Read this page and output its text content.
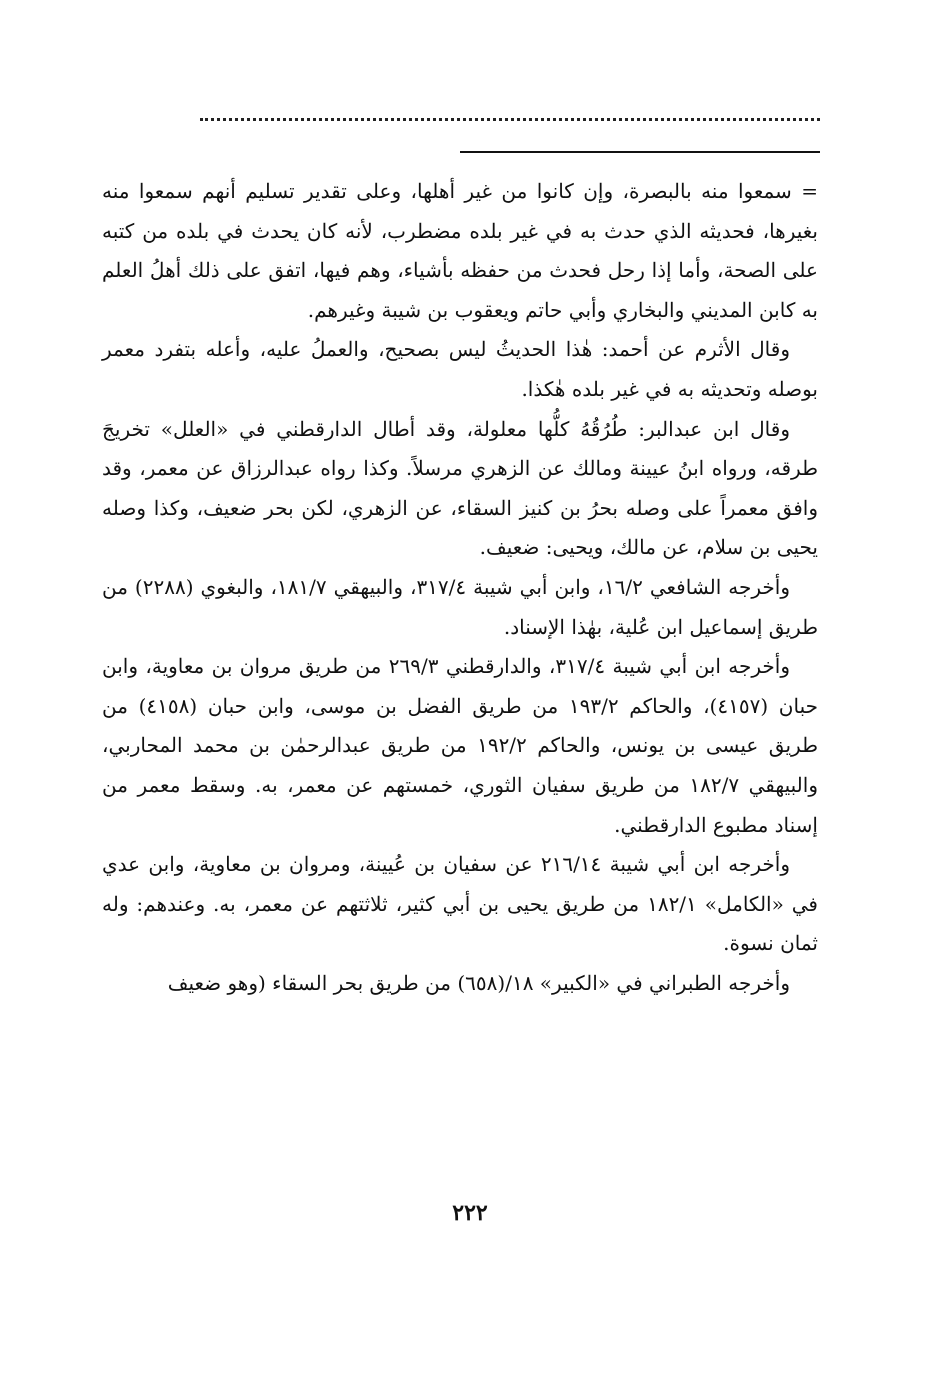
= سمعوا منه بالبصرة، وإن كانوا من غير أهلها، وعلى تقدير تسليم أنهم سمعوا منه بغيرها، فحديثه الذي حدث به في غير بلده مضطرب، لأنه كان يحدث في بلده من كتبه على الصحة، وأما إذا رحل فحدث من حفظه بأشياء، وهم فيها، اتفق على ذلك أهلُ العلم به كابن المديني والبخاري وأبي حاتم ويعقوب بن شيبة وغيرهم.

وقال الأثرم عن أحمد: هٰذا الحديثُ ليس بصحيح، والعملُ عليه، وأعله بتفرد معمر بوصله وتحديثه به في غير بلده هٰكذا.

وقال ابن عبدالبر: طُرُقُهُ كلُّها معلولة، وقد أطال الدارقطني في «العلل» تخريجَ طرقه، ورواه ابنُ عيينة ومالك عن الزهري مرسلاً. وكذا رواه عبدالرزاق عن معمر، وقد وافق معمراً على وصله بحرُ بن كنيز السقاء، عن الزهري، لكن بحر ضعيف، وكذا وصله يحيى بن سلام، عن مالك، ويحيى: ضعيف.

وأخرجه الشافعي ١٦/٢، وابن أبي شيبة ٣١٧/٤، والبيهقي ١٨١/٧، والبغوي (٢٢٨٨) من طريق إسماعيل ابن عُلية، بهٰذا الإسناد.

وأخرجه ابن أبي شيبة ٣١٧/٤، والدارقطني ٢٦٩/٣ من طريق مروان بن معاوية، وابن حبان (٤١٥٧)، والحاكم ١٩٣/٢ من طريق الفضل بن موسى، وابن حبان (٤١٥٨) من طريق عيسى بن يونس، والحاكم ١٩٢/٢ من طريق عبدالرحمٰن بن محمد المحاربي، والبيهقي ١٨٢/٧ من طريق سفيان الثوري، خمستهم عن معمر، به. وسقط معمر من إسناد مطبوع الدارقطني.

وأخرجه ابن أبي شيبة ٢١٦/١٤ عن سفيان بن عُيينة، ومروان بن معاوية، وابن عدي في «الكامل» ١٨٢/١ من طريق يحيى بن أبي كثير، ثلاثتهم عن معمر، به. وعندهم: وله ثمان نسوة.

وأخرجه الطبراني في «الكبير» ١٨/(٦٥٨) من طريق بحر السقاء (وهو ضعيف

٢٢٢
